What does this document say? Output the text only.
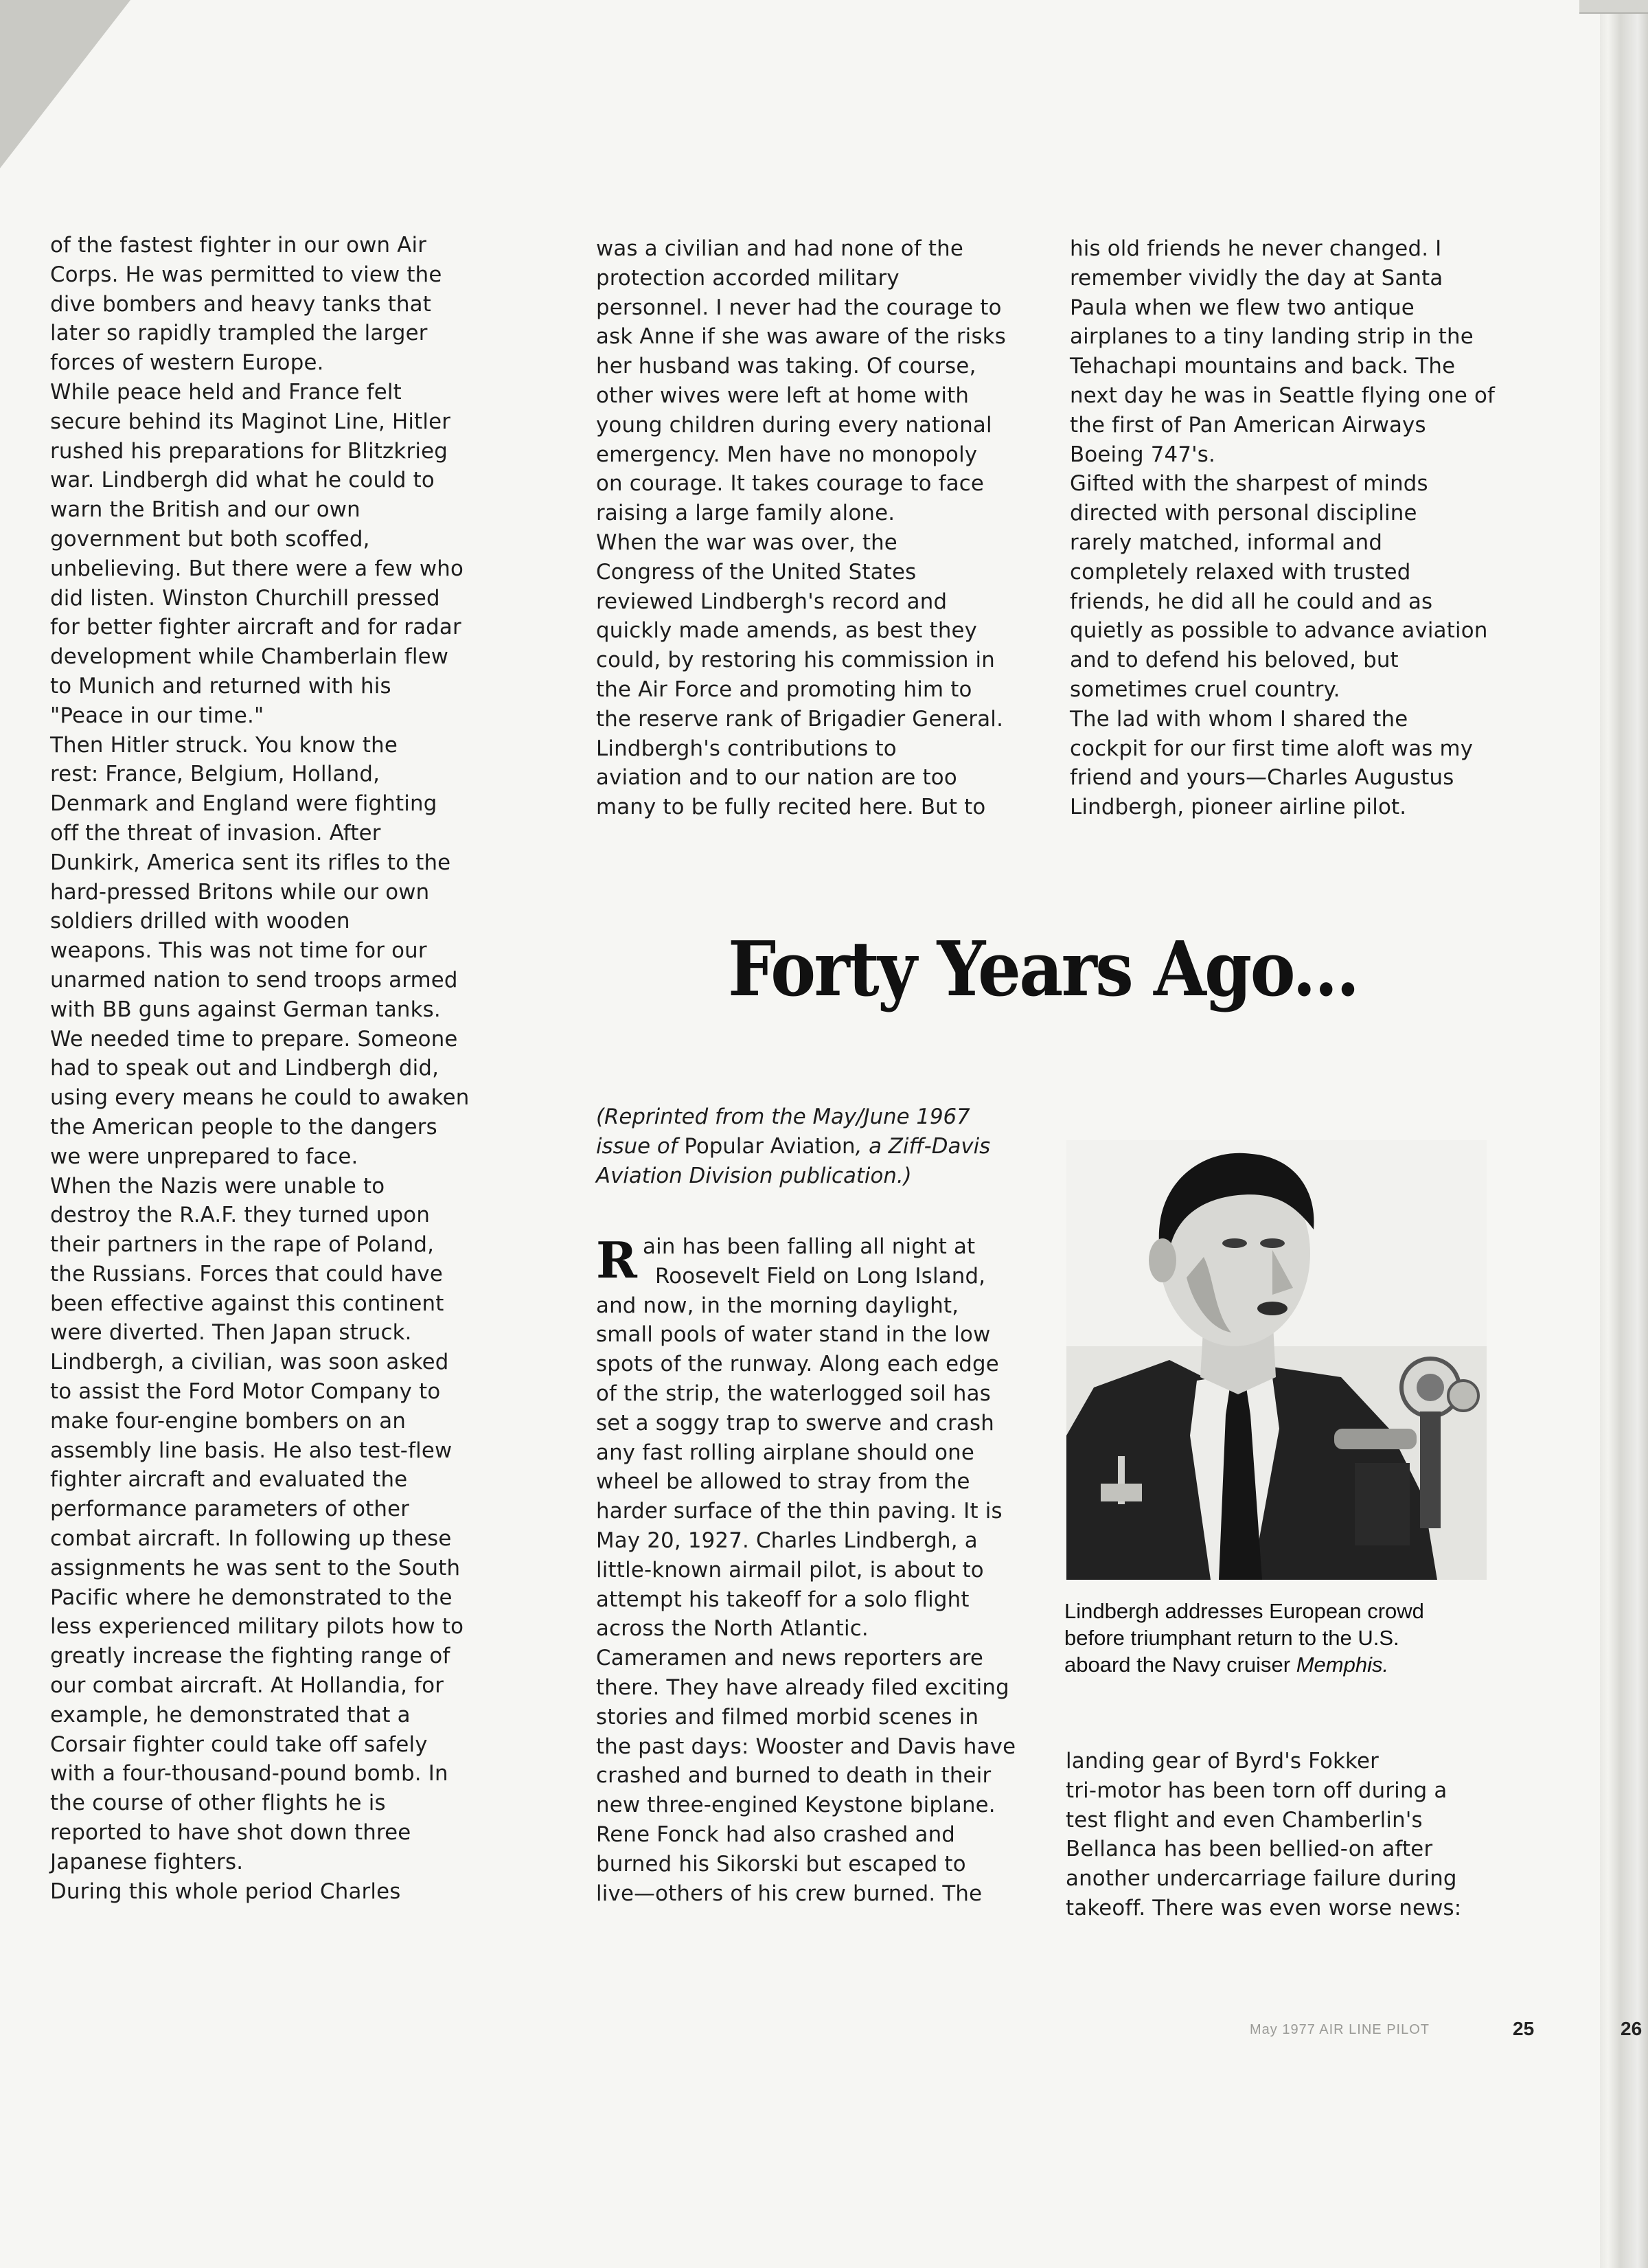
of the fastest fighter in our own Air
Corps. He was permitted to view the
dive bombers and heavy tanks that
later so rapidly trampled the larger
forces of western Europe.
While peace held and France felt
secure behind its Maginot Line, Hitler
rushed his preparations for Blitzkrieg
war. Lindbergh did what he could to
warn the British and our own
government but both scoffed,
unbelieving. But there were a few who
did listen. Winston Churchill pressed
for better fighter aircraft and for radar
development while Chamberlain flew
to Munich and returned with his
"Peace in our time."
Then Hitler struck. You know the
rest: France, Belgium, Holland,
Denmark and England were fighting
off the threat of invasion. After
Dunkirk, America sent its rifles to the
hard-pressed Britons while our own
soldiers drilled with wooden
weapons. This was not time for our
unarmed nation to send troops armed
with BB guns against German tanks.
We needed time to prepare. Someone
had to speak out and Lindbergh did,
using every means he could to awaken
the American people to the dangers
we were unprepared to face.
When the Nazis were unable to
destroy the R.A.F. they turned upon
their partners in the rape of Poland,
the Russians. Forces that could have
been effective against this continent
were diverted. Then Japan struck.
Lindbergh, a civilian, was soon asked
to assist the Ford Motor Company to
make four-engine bombers on an
assembly line basis. He also test-flew
fighter aircraft and evaluated the
performance parameters of other
combat aircraft. In following up these
assignments he was sent to the South
Pacific where he demonstrated to the
less experienced military pilots how to
greatly increase the fighting range of
our combat aircraft. At Hollandia, for
example, he demonstrated that a
Corsair fighter could take off safely
with a four-thousand-pound bomb. In
the course of other flights he is
reported to have shot down three
Japanese fighters.
During this whole period Charles
was a civilian and had none of the
protection accorded military
personnel. I never had the courage to
ask Anne if she was aware of the risks
her husband was taking. Of course,
other wives were left at home with
young children during every national
emergency. Men have no monopoly
on courage. It takes courage to face
raising a large family alone.
When the war was over, the
Congress of the United States
reviewed Lindbergh's record and
quickly made amends, as best they
could, by restoring his commission in
the Air Force and promoting him to
the reserve rank of Brigadier General.
Lindbergh's contributions to
aviation and to our nation are too
many to be fully recited here. But to
his old friends he never changed. I
remember vividly the day at Santa
Paula when we flew two antique
airplanes to a tiny landing strip in the
Tehachapi mountains and back. The
next day he was in Seattle flying one of
the first of Pan American Airways
Boeing 747's.
Gifted with the sharpest of minds
directed with personal discipline
rarely matched, informal and
completely relaxed with trusted
friends, he did all he could and as
quietly as possible to advance aviation
and to defend his beloved, but
sometimes cruel country.
The lad with whom I shared the
cockpit for our first time aloft was my
friend and yours—Charles Augustus
Lindbergh, pioneer airline pilot.
Forty Years Ago...
(Reprinted from the May/June 1967
issue of Popular Aviation, a Ziff-Davis
Aviation Division publication.)
R ain has been falling all night at
Roosevelt Field on Long Island,
and now, in the morning daylight,
small pools of water stand in the low
spots of the runway. Along each edge
of the strip, the waterlogged soil has
set a soggy trap to swerve and crash
any fast rolling airplane should one
wheel be allowed to stray from the
harder surface of the thin paving. It is
May 20, 1927. Charles Lindbergh, a
little-known airmail pilot, is about to
attempt his takeoff for a solo flight
across the North Atlantic.
Cameramen and news reporters are
there. They have already filed exciting
stories and filmed morbid scenes in
the past days: Wooster and Davis have
crashed and burned to death in their
new three-engined Keystone biplane.
Rene Fonck had also crashed and
burned his Sikorski but escaped to
live—others of his crew burned. The
Lindbergh addresses European crowd
before triumphant return to the U.S.
aboard the Navy cruiser Memphis.
landing gear of Byrd's Fokker
tri-motor has been torn off during a
test flight and even Chamberlin's
Bellanca has been bellied-on after
another undercarriage failure during
takeoff. There was even worse news:
May 1977 AIR LINE PILOT	25	26
